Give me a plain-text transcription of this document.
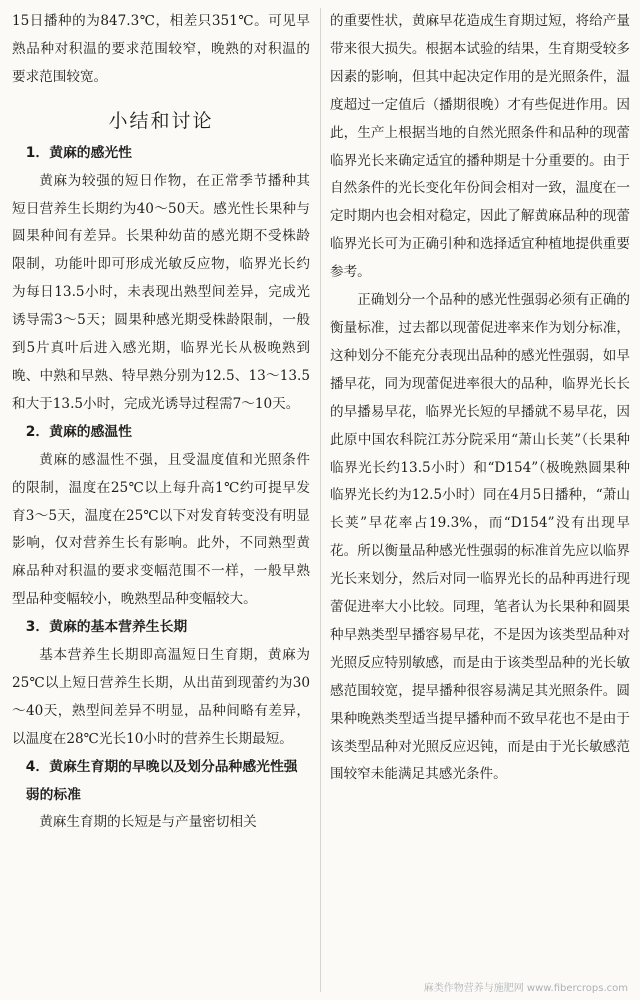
15日播种的为847.3℃，相差只351℃。可见早熟品种对积温的要求范围较窄，晚熟的对积温的要求范围较宽。

小结和讨论
1．黄麻的感光性

黄麻为较强的短日作物，在正常季节播种其短日营养生长期约为40～50天。感光性长果种与圆果种间有差异。长果种幼苗的感光期不受株龄限制，功能叶即可形成光敏反应物，临界光长约为每日13.5小时，未表现出熟型间差异，完成光诱导需3～5天；圆果种感光期受株龄限制，一般到5片真叶后进入感光期，临界光长从极晚熟到晚、中熟和早熟、特早熟分别为12.5、13～13.5和大于13.5小时，完成光诱导过程需7～10天。

2．黄麻的感温性

黄麻的感温性不强，且受温度值和光照条件的限制，温度在25℃以上每升高1℃约可提早发育3～5天，温度在25℃以下对发育转变没有明显影响，仅对营养生长有影响。此外，不同熟型黄麻品种对积温的要求变幅范围不一样，一般早熟型品种变幅较小，晚熟型品种变幅较大。

3．黄麻的基本营养生长期

基本营养生长期即高温短日生育期，黄麻为25℃以上短日营养生长期，从出苗到现蕾约为30～40天，熟型间差异不明显，品种间略有差异，以温度在28℃光长10小时的营养生长期最短。

4．黄麻生育期的早晚以及划分品种感光性强弱的标准

黄麻生育期的长短是与产量密切相关

的重要性状，黄麻早花造成生育期过短，将给产量带来很大损失。根据本试验的结果，生育期受较多因素的影响，但其中起决定作用的是光照条件，温度超过一定值后（播期很晚）才有些促进作用。因此，生产上根据当地的自然光照条件和品种的现蕾临界光长来确定适宜的播种期是十分重要的。由于自然条件的光长变化年份间会相对一致，温度在一定时期内也会相对稳定，因此了解黄麻品种的现蕾临界光长可为正确引种和选择适宜种植地提供重要参考。

正确划分一个品种的感光性强弱必须有正确的衡量标准，过去都以现蕾促进率来作为划分标准，这种划分不能充分表现出品种的感光性强弱，如早播早花，同为现蕾促进率很大的品种，临界光长长的早播易早花，临界光长短的早播就不易早花，因此原中国农科院江苏分院采用“萧山长荚”（长果种临界光长约13.5小时）和“D154”（极晚熟圆果种临界光长约为12.5小时）同在4月5日播种，“萧山长荚”早花率占19.3%，而“D154”没有出现早花。所以衡量品种感光性强弱的标准首先应以临界光长来划分，然后对同一临界光长的品种再进行现蕾促进率大小比较。同理，笔者认为长果种和圆果种早熟类型早播容易早花，不是因为该类型品种对光照反应特别敏感，而是由于该类型品种的光长敏感范围较宽，提早播种很容易满足其光照条件。圆果种晚熟类型适当提早播种而不致早花也不是由于该类型品种对光照反应迟钝，而是由于光长敏感范围较窄未能满足其感光条件。

麻类作物营养与施肥网 www.fibercrops.com
